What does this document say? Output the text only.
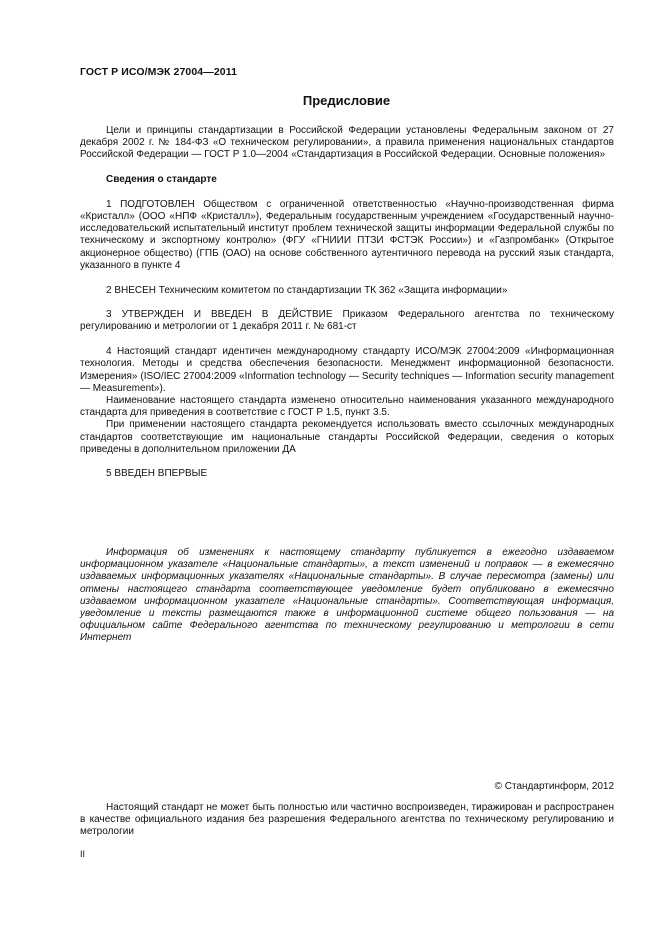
ГОСТ Р ИСО/МЭК 27004—2011
Предисловие

Цели и принципы стандартизации в Российской Федерации установлены Федеральным законом от 27 декабря 2002 г. № 184-ФЗ «О техническом регулировании», а правила применения национальных стандартов Российской Федерации — ГОСТ Р 1.0—2004 «Стандартизация в Российской Федерации. Основные положения»

Сведения о стандарте

1 ПОДГОТОВЛЕН Обществом с ограниченной ответственностью «Научно-производственная фирма «Кристалл» (ООО «НПФ «Кристалл»), Федеральным государственным учреждением «Государственный научно-исследовательский испытательный институт проблем технической защиты информации Федеральной службы по техническому и экспортному контролю» (ФГУ «ГНИИИ ПТЗИ ФСТЭК России») и «Газпромбанк» (Открытое акционерное общество) (ГПБ (ОАО) на основе собственного аутентичного перевода на русский язык стандарта, указанного в пункте 4

2 ВНЕСЕН Техническим комитетом по стандартизации ТК 362 «Защита информации»

3 УТВЕРЖДЕН И ВВЕДЕН В ДЕЙСТВИЕ Приказом Федерального агентства по техническому регулированию и метрологии от 1 декабря 2011 г. № 681-ст

4 Настоящий стандарт идентичен международному стандарту ИСО/МЭК 27004:2009 «Информационная технология. Методы и средства обеспечения безопасности. Менеджмент информационной безопасности. Измерения» (ISO/IEC 27004:2009 «Information technology — Security techniques — Information security management — Measurement»).

Наименование настоящего стандарта изменено относительно наименования указанного международного стандарта для приведения в соответствие с ГОСТ Р 1.5, пункт 3.5.

При применении настоящего стандарта рекомендуется использовать вместо ссылочных международных стандартов соответствующие им национальные стандарты Российской Федерации, сведения о которых приведены в дополнительном приложении ДА

5 ВВЕДЕН ВПЕРВЫЕ

Информация об изменениях к настоящему стандарту публикуется в ежегодно издаваемом информационном указателе «Национальные стандарты», а текст изменений и поправок — в ежемесячно издаваемых информационных указателях «Национальные стандарты». В случае пересмотра (замены) или отмены настоящего стандарта соответствующее уведомление будет опубликовано в ежемесячно издаваемом информационном указателе «Национальные стандарты». Соответствующая информация, уведомление и тексты размещаются также в информационной системе общего пользования — на официальном сайте Федерального агентства по техническому регулированию и метрологии в сети Интернет

© Стандартинформ, 2012

Настоящий стандарт не может быть полностью или частично воспроизведен, тиражирован и распространен в качестве официального издания без разрешения Федерального агентства по техническому регулированию и метрологии

II
